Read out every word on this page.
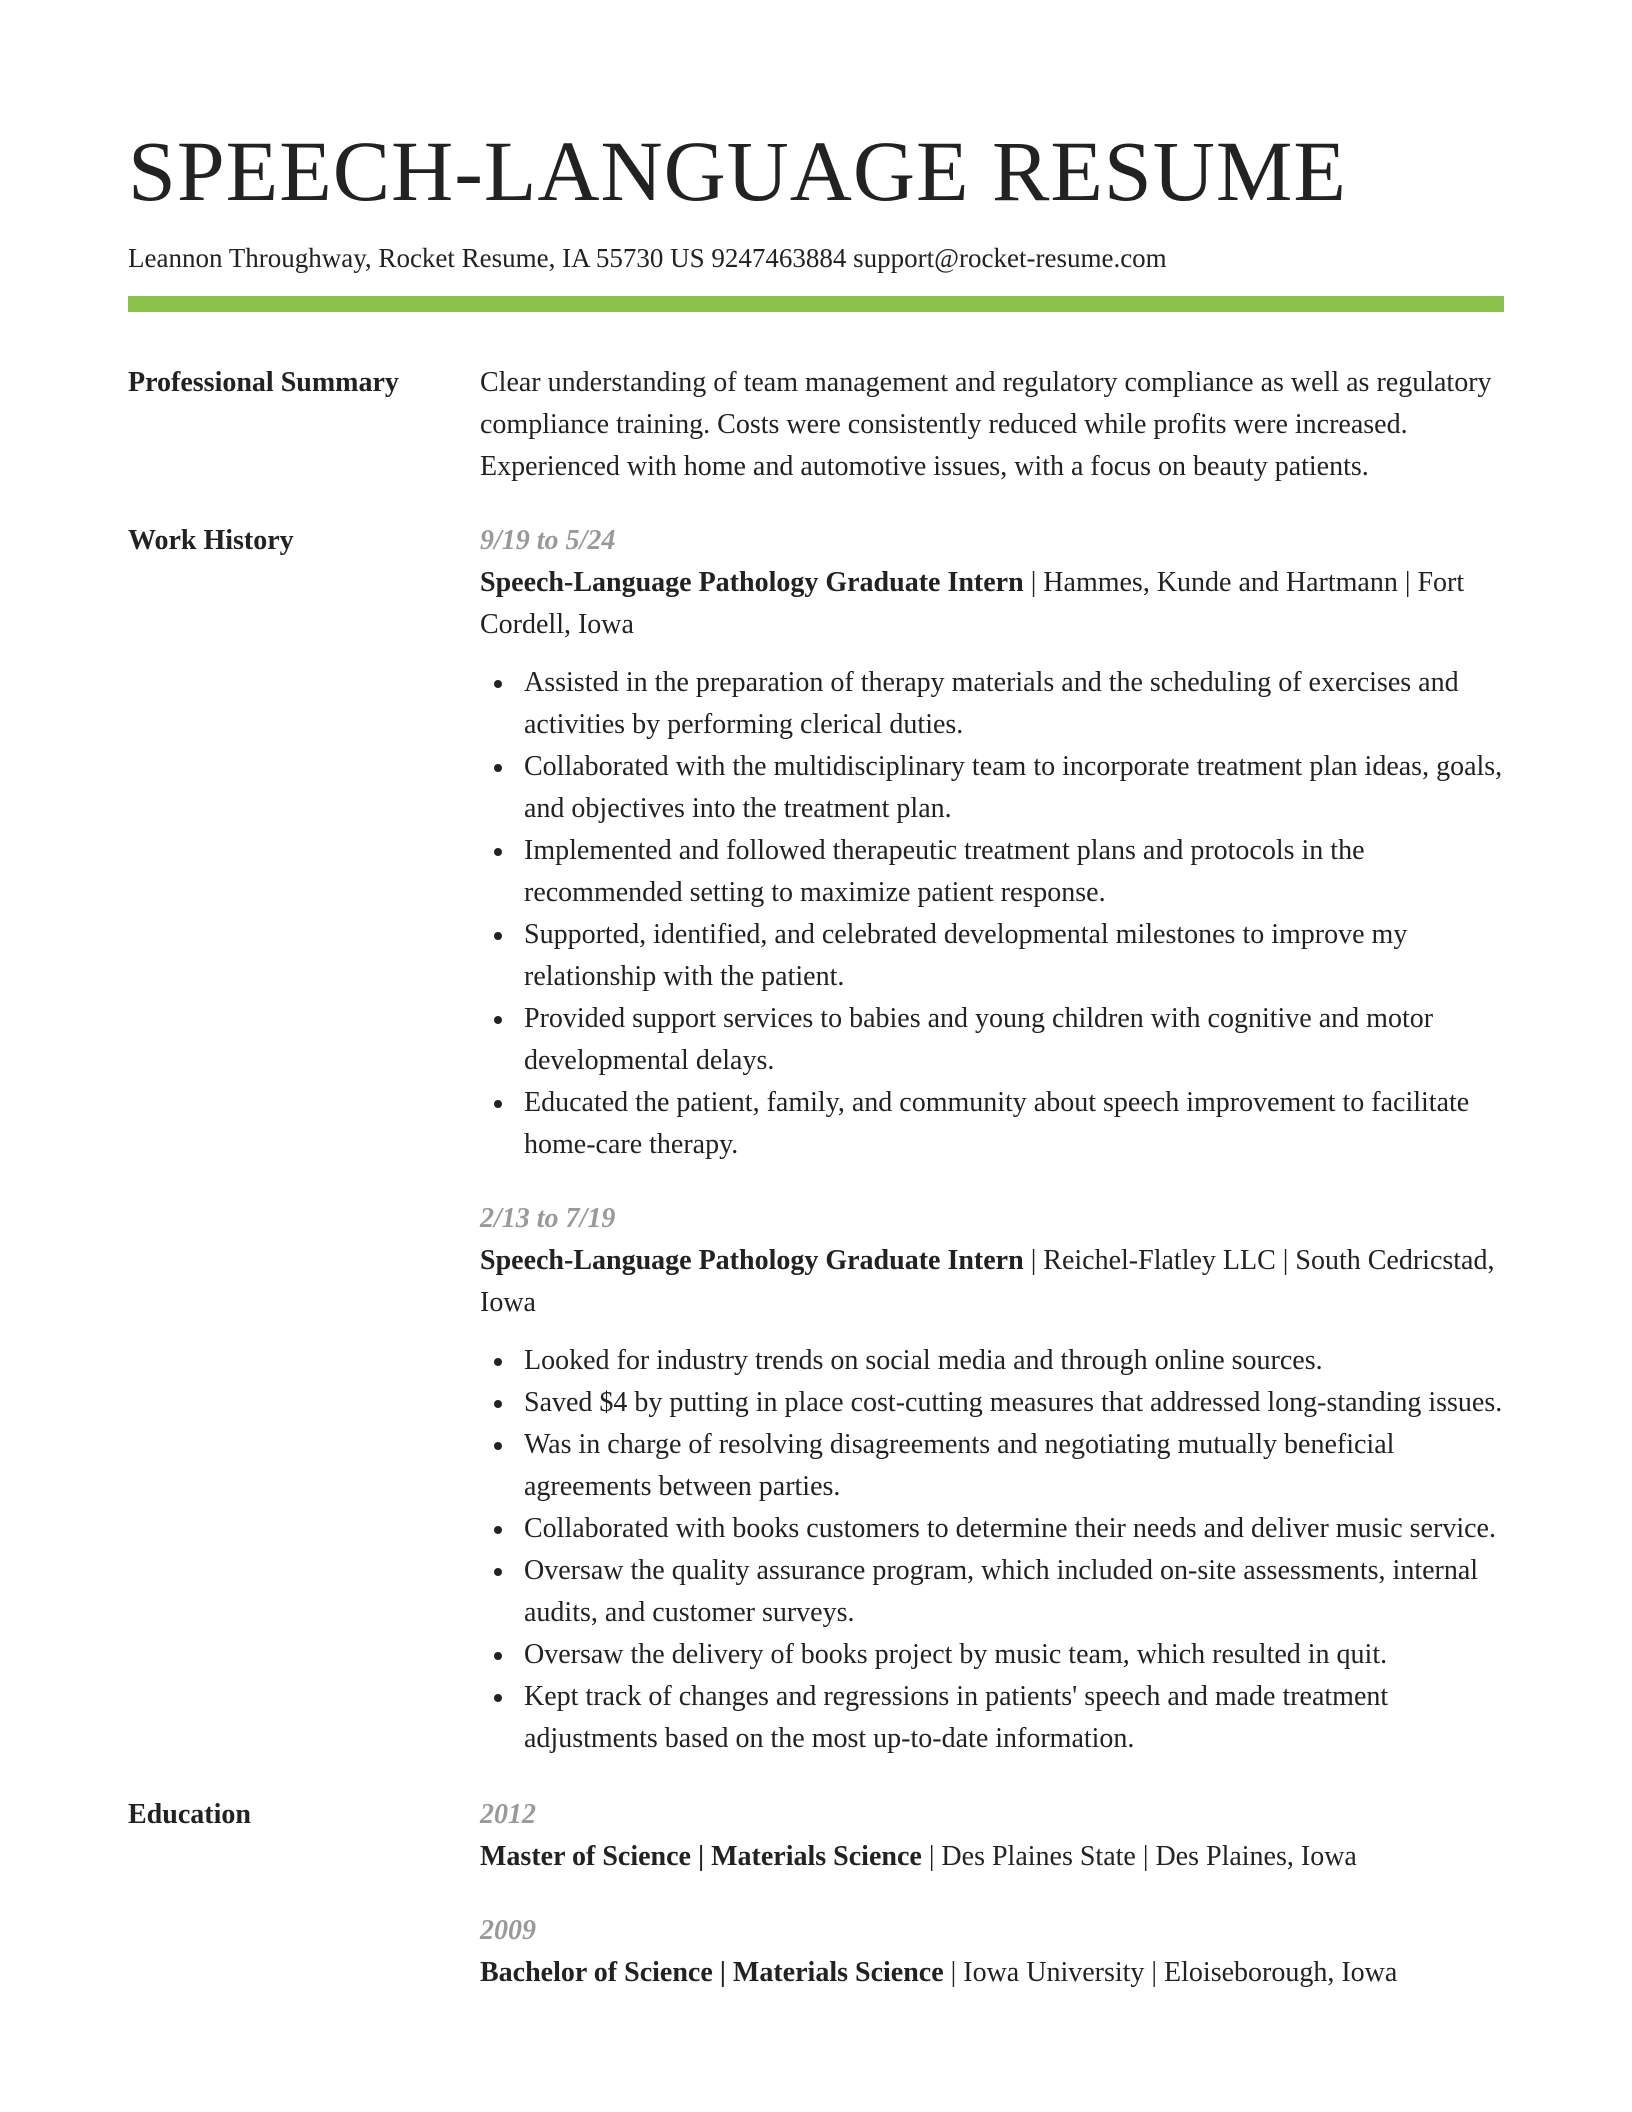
SPEECH-LANGUAGE RESUME
Leannon Throughway, Rocket Resume, IA 55730 US 9247463884 support@rocket-resume.com
Professional Summary	Clear understanding of team management and regulatory compliance as well as regulatory compliance training. Costs were consistently reduced while profits were increased. Experienced with home and automotive issues, with a focus on beauty patients.
Work History	9/19 to 5/24
Speech-Language Pathology Graduate Intern | Hammes, Kunde and Hartmann | Fort Cordell, Iowa
Assisted in the preparation of therapy materials and the scheduling of exercises and activities by performing clerical duties.
Collaborated with the multidisciplinary team to incorporate treatment plan ideas, goals, and objectives into the treatment plan.
Implemented and followed therapeutic treatment plans and protocols in the recommended setting to maximize patient response.
Supported, identified, and celebrated developmental milestones to improve my relationship with the patient.
Provided support services to babies and young children with cognitive and motor developmental delays.
Educated the patient, family, and community about speech improvement to facilitate home-care therapy.
2/13 to 7/19
Speech-Language Pathology Graduate Intern | Reichel-Flatley LLC | South Cedricstad, Iowa
Looked for industry trends on social media and through online sources.
Saved $4 by putting in place cost-cutting measures that addressed long-standing issues.
Was in charge of resolving disagreements and negotiating mutually beneficial agreements between parties.
Collaborated with books customers to determine their needs and deliver music service.
Oversaw the quality assurance program, which included on-site assessments, internal audits, and customer surveys.
Oversaw the delivery of books project by music team, which resulted in quit.
Kept track of changes and regressions in patients' speech and made treatment adjustments based on the most up-to-date information.
Education	2012
Master of Science | Materials Science | Des Plaines State | Des Plaines, Iowa
2009
Bachelor of Science | Materials Science | Iowa University | Eloiseborough, Iowa
